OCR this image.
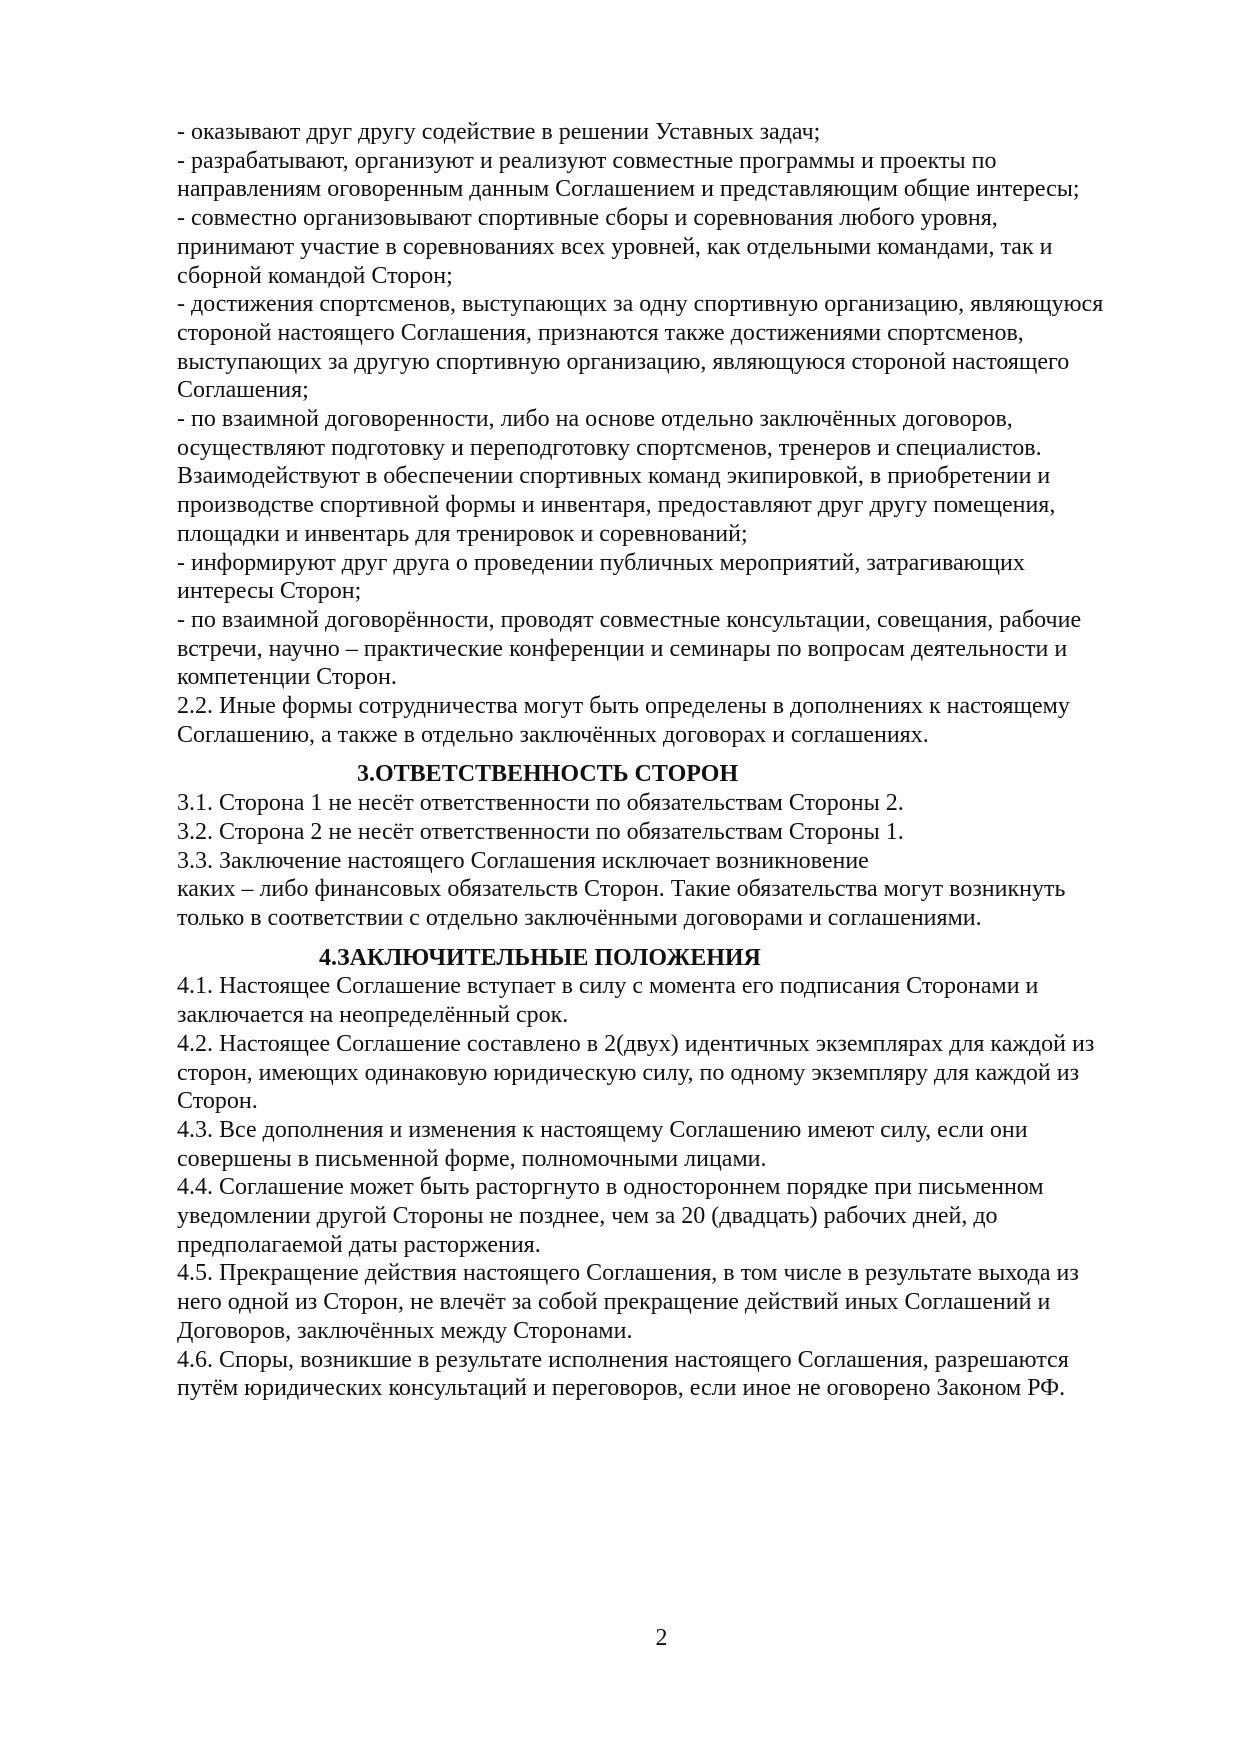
- оказывают друг другу содействие в решении Уставных задач;
- разрабатывают, организуют и реализуют совместные программы и проекты по
направлениям оговоренным данным Соглашением и представляющим общие интересы;
- совместно организовывают спортивные сборы и соревнования любого уровня,
принимают участие в соревнованиях всех уровней, как отдельными командами, так и
сборной командой Сторон;
- достижения спортсменов, выступающих за одну спортивную организацию, являющуюся
стороной настоящего Соглашения, признаются также достижениями спортсменов,
выступающих за другую спортивную организацию, являющуюся стороной настоящего
Соглашения;
- по взаимной договоренности, либо на основе отдельно заключённых договоров,
осуществляют подготовку и переподготовку спортсменов, тренеров и специалистов.
Взаимодействуют в обеспечении спортивных команд экипировкой, в приобретении и
производстве спортивной формы и инвентаря, предоставляют друг другу помещения,
площадки и инвентарь для тренировок и соревнований;
- информируют друг друга о проведении публичных мероприятий, затрагивающих
интересы Сторон;
- по взаимной договорённости, проводят совместные консультации, совещания, рабочие
встречи, научно – практические конференции и семинары по вопросам деятельности и
компетенции Сторон.
2.2. Иные формы сотрудничества могут быть определены в дополнениях к настоящему
Соглашению, а также в отдельно заключённых договорах и соглашениях.
3.ОТВЕТСТВЕННОСТЬ СТОРОН
3.1. Сторона 1 не несёт ответственности по обязательствам Стороны 2.
3.2. Сторона 2 не несёт ответственности по обязательствам Стороны 1.
3.3. Заключение настоящего Соглашения исключает возникновение
каких – либо финансовых обязательств Сторон. Такие обязательства могут возникнуть
только в соответствии с отдельно заключёнными договорами и соглашениями.
4.ЗАКЛЮЧИТЕЛЬНЫЕ ПОЛОЖЕНИЯ
4.1. Настоящее Соглашение вступает в силу с момента его подписания Сторонами и
заключается на неопределённый срок.
4.2. Настоящее Соглашение составлено в 2(двух) идентичных экземплярах для каждой из
сторон, имеющих одинаковую юридическую силу, по одному экземпляру для каждой из
Сторон.
4.3. Все дополнения и изменения к настоящему Соглашению имеют силу, если они
совершены в письменной форме, полномочными лицами.
4.4. Соглашение может быть расторгнуто в одностороннем порядке при письменном
уведомлении другой Стороны не позднее, чем за 20 (двадцать) рабочих дней, до
предполагаемой даты расторжения.
4.5. Прекращение действия настоящего Соглашения, в том числе в результате выхода из
него одной из Сторон, не влечёт за собой прекращение действий иных Соглашений и
Договоров, заключённых между Сторонами.
4.6. Споры, возникшие в результате исполнения настоящего Соглашения, разрешаются
путём юридических консультаций и переговоров, если иное не оговорено Законом РФ.
2
